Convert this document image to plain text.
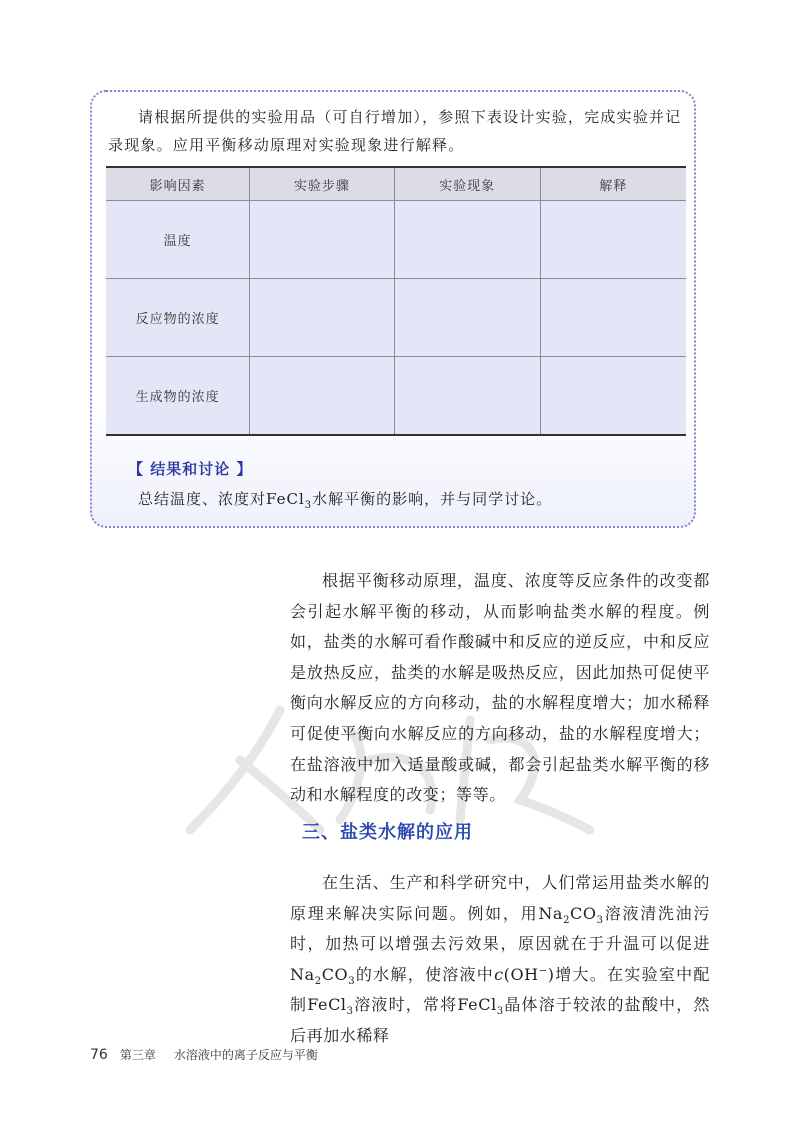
请根据所提供的实验用品（可自行增加），参照下表设计实验，完成实验并记录现象。应用平衡移动原理对实验现象进行解释。

影响因素	实验步骤	实验现象	解释
温度			
反应物的浓度			
生成物的浓度			
【 结果和讨论 】
总结温度、浓度对FeCl$_3$水解平衡的影响，并与同学讨论。

根据平衡移动原理，温度、浓度等反应条件的改变都会引起水解平衡的移动，从而影响盐类水解的程度。例如，盐类的水解可看作酸碱中和反应的逆反应，中和反应是放热反应，盐类的水解是吸热反应，因此加热可促使平衡向水解反应的方向移动，盐的水解程度增大；加水稀释可促使平衡向水解反应的方向移动，盐的水解程度增大；在盐溶液中加入适量酸或碱，都会引起盐类水解平衡的移动和水解程度的改变；等等。

三、盐类水解的应用

在生活、生产和科学研究中，人们常运用盐类水解的原理来解决实际问题。例如，用$Na_2CO_3$溶液清洗油污时，加热可以增强去污效果，原因就在于升温可以促进$Na_2CO_3$的水解，使溶液中c(OH−)增大。在实验室中配制FeCl$_3$溶液时，常将FeCl$_3$晶体溶于较浓的盐酸中，然后再加水稀释

76 第三章 水溶液中的离子反应与平衡
